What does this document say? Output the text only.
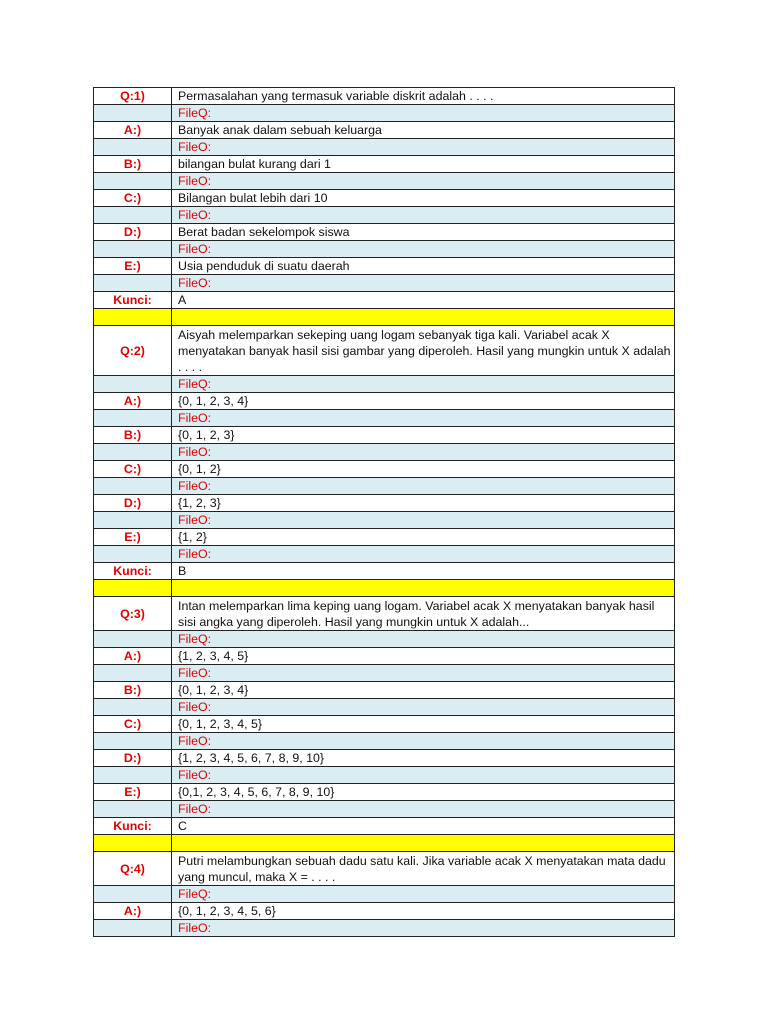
Q:1)	Permasalahan yang termasuk variable diskrit adalah . . . .
	FileQ:
A:)	Banyak anak dalam sebuah keluarga
	FileO:
B:)	bilangan bulat kurang dari 1
	FileO:
C:)	Bilangan bulat lebih dari 10
	FileO:
D:)	Berat badan sekelompok siswa
	FileO:
E:)	Usia penduduk di suatu daerah
	FileO:
Kunci:	A

Q:2)	Aisyah melemparkan sekeping uang logam sebanyak tiga kali. Variabel acak X menyatakan banyak hasil sisi gambar yang diperoleh. Hasil yang mungkin untuk X adalah . . . .
	FileQ:
A:)	{0, 1, 2, 3, 4}
	FileO:
B:)	{0, 1, 2, 3}
	FileO:
C:)	{0, 1, 2}
	FileO:
D:)	{1, 2, 3}
	FileO:
E:)	{1, 2}
	FileO:
Kunci:	B

Q:3)	Intan melemparkan lima keping uang logam. Variabel acak X menyatakan banyak hasil sisi angka yang diperoleh. Hasil yang mungkin untuk X adalah...
	FileQ:
A:)	{1, 2, 3, 4, 5}
	FileO:
B:)	{0, 1, 2, 3, 4}
	FileO:
C:)	{0, 1, 2, 3, 4, 5}
	FileO:
D:)	{1, 2, 3, 4, 5, 6, 7, 8, 9, 10}
	FileO:
E:)	{0,1, 2, 3, 4, 5, 6, 7, 8, 9, 10}
	FileO:
Kunci:	C

Q:4)	Putri melambungkan sebuah dadu satu kali. Jika variable acak X menyatakan mata dadu yang muncul, maka X = . . . .
	FileQ:
A:)	{0, 1, 2, 3, 4, 5, 6}
	FileO:
